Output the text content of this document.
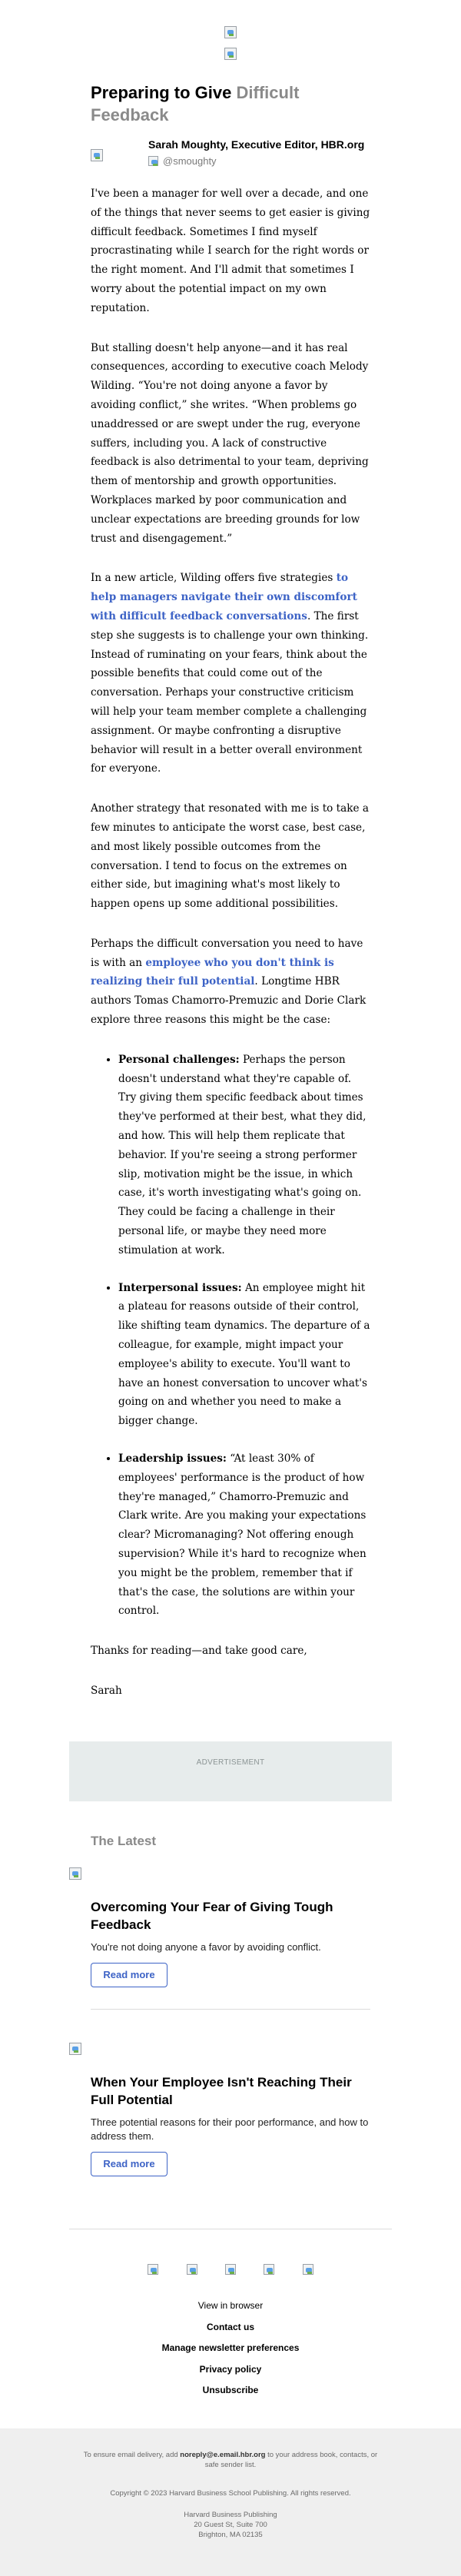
Preparing to Give Difficult Feedback
Sarah Moughty, Executive Editor, HBR.org
@smoughty

I've been a manager for well over a decade, and one of the things that never seems to get easier is giving difficult feedback. Sometimes I find myself procrastinating while I search for the right words or the right moment. And I'll admit that sometimes I worry about the potential impact on my own reputation.

But stalling doesn't help anyone—and it has real consequences, according to executive coach Melody Wilding. “You're not doing anyone a favor by avoiding conflict,” she writes. “When problems go unaddressed or are swept under the rug, everyone suffers, including you. A lack of constructive feedback is also detrimental to your team, depriving them of mentorship and growth opportunities. Workplaces marked by poor communication and unclear expectations are breeding grounds for low trust and disengagement.”

In a new article, Wilding offers five strategies to help managers navigate their own discomfort with difficult feedback conversations. The first step she suggests is to challenge your own thinking. Instead of ruminating on your fears, think about the possible benefits that could come out of the conversation. Perhaps your constructive criticism will help your team member complete a challenging assignment. Or maybe confronting a disruptive behavior will result in a better overall environment for everyone.

Another strategy that resonated with me is to take a few minutes to anticipate the worst case, best case, and most likely possible outcomes from the conversation. I tend to focus on the extremes on either side, but imagining what's most likely to happen opens up some additional possibilities.

Perhaps the difficult conversation you need to have is with an employee who you don't think is realizing their full potential. Longtime HBR authors Tomas Chamorro-Premuzic and Dorie Clark explore three reasons this might be the case:

• Personal challenges: Perhaps the person doesn't understand what they're capable of. Try giving them specific feedback about times they've performed at their best, what they did, and how. This will help them replicate that behavior. If you're seeing a strong performer slip, motivation might be the issue, in which case, it's worth investigating what's going on. They could be facing a challenge in their personal life, or maybe they need more stimulation at work.
• Interpersonal issues: An employee might hit a plateau for reasons outside of their control, like shifting team dynamics. The departure of a colleague, for example, might impact your employee's ability to execute. You'll want to have an honest conversation to uncover what's going on and whether you need to make a bigger change.
• Leadership issues: “At least 30% of employees' performance is the product of how they're managed,” Chamorro-Premuzic and Clark write. Are you making your expectations clear? Micromanaging? Not offering enough supervision? While it's hard to recognize when you might be the problem, remember that if that's the case, the solutions are within your control.

Thanks for reading—and take good care,

Sarah

ADVERTISEMENT
The Latest
Overcoming Your Fear of Giving Tough Feedback
You're not doing anyone a favor by avoiding conflict.
Read more
When Your Employee Isn't Reaching Their Full Potential
Three potential reasons for their poor performance, and how to address them.
Read more

View in browser
Contact us
Manage newsletter preferences
Privacy policy
Unsubscribe
To ensure email delivery, add noreply@e.email.hbr.org to your address book, contacts, or safe sender list.
Copyright © 2023 Harvard Business School Publishing. All rights reserved.
Harvard Business Publishing
20 Guest St, Suite 700
Brighton, MA 02135
